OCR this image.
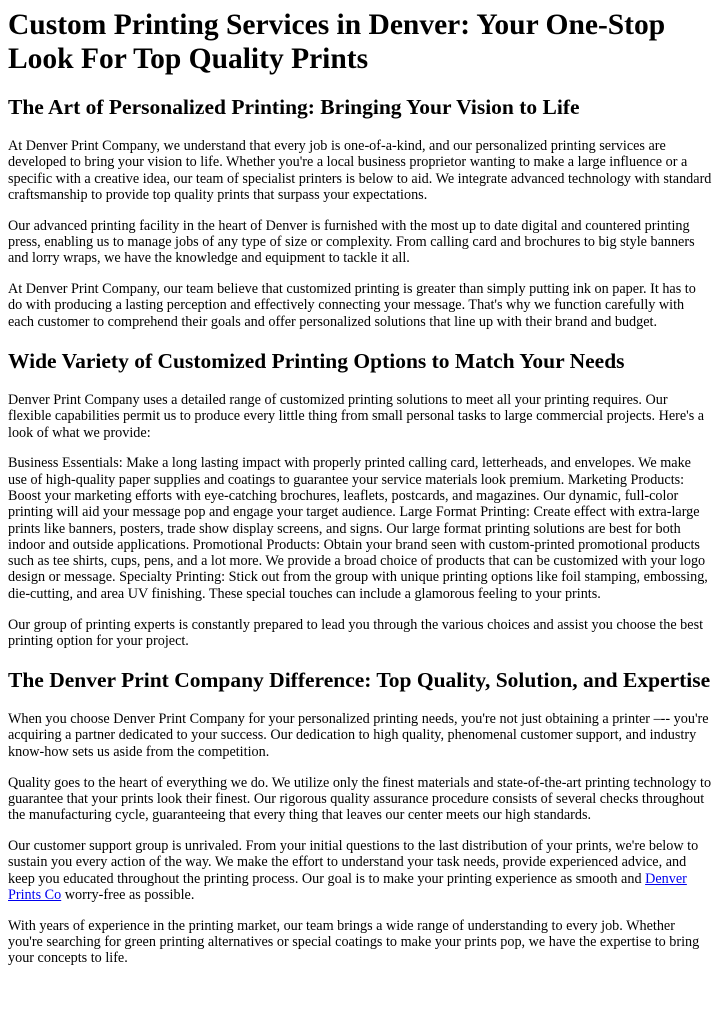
Custom Printing Services in Denver: Your One-Stop Look For Top Quality Prints
The Art of Personalized Printing: Bringing Your Vision to Life

At Denver Print Company, we understand that every job is one-of-a-kind, and our personalized printing services are developed to bring your vision to life. Whether you're a local business proprietor wanting to make a large influence or a specific with a creative idea, our team of specialist printers is below to aid. We integrate advanced technology with standard craftsmanship to provide top quality prints that surpass your expectations.

Our advanced printing facility in the heart of Denver is furnished with the most up to date digital and countered printing press, enabling us to manage jobs of any type of size or complexity. From calling card and brochures to big style banners and lorry wraps, we have the knowledge and equipment to tackle it all.

At Denver Print Company, our team believe that customized printing is greater than simply putting ink on paper. It has to do with producing a lasting perception and effectively connecting your message. That's why we function carefully with each customer to comprehend their goals and offer personalized solutions that line up with their brand and budget.

Wide Variety of Customized Printing Options to Match Your Needs

Denver Print Company uses a detailed range of customized printing solutions to meet all your printing requires. Our flexible capabilities permit us to produce every little thing from small personal tasks to large commercial projects. Here's a look of what we provide:

Business Essentials: Make a long lasting impact with properly printed calling card, letterheads, and envelopes. We make use of high-quality paper supplies and coatings to guarantee your service materials look premium. Marketing Products: Boost your marketing efforts with eye-catching brochures, leaflets, postcards, and magazines. Our dynamic, full-color printing will aid your message pop and engage your target audience. Large Format Printing: Create effect with extra-large prints like banners, posters, trade show display screens, and signs. Our large format printing solutions are best for both indoor and outside applications. Promotional Products: Obtain your brand seen with custom-printed promotional products such as tee shirts, cups, pens, and a lot more. We provide a broad choice of products that can be customized with your logo design or message. Specialty Printing: Stick out from the group with unique printing options like foil stamping, embossing, die-cutting, and area UV finishing. These special touches can include a glamorous feeling to your prints.

Our group of printing experts is constantly prepared to lead you through the various choices and assist you choose the best printing option for your project.

The Denver Print Company Difference: Top Quality, Solution, and Expertise

When you choose Denver Print Company for your personalized printing needs, you're not just obtaining a printer –-- you're acquiring a partner dedicated to your success. Our dedication to high quality, phenomenal customer support, and industry know-how sets us aside from the competition.

Quality goes to the heart of everything we do. We utilize only the finest materials and state-of-the-art printing technology to guarantee that your prints look their finest. Our rigorous quality assurance procedure consists of several checks throughout the manufacturing cycle, guaranteeing that every thing that leaves our center meets our high standards.

Our customer support group is unrivaled. From your initial questions to the last distribution of your prints, we're below to sustain you every action of the way. We make the effort to understand your task needs, provide experienced advice, and keep you educated throughout the printing process. Our goal is to make your printing experience as smooth and Denver Prints Co worry-free as possible.

With years of experience in the printing market, our team brings a wide range of understanding to every job. Whether you're searching for green printing alternatives or special coatings to make your prints pop, we have the expertise to bring your concepts to life.
